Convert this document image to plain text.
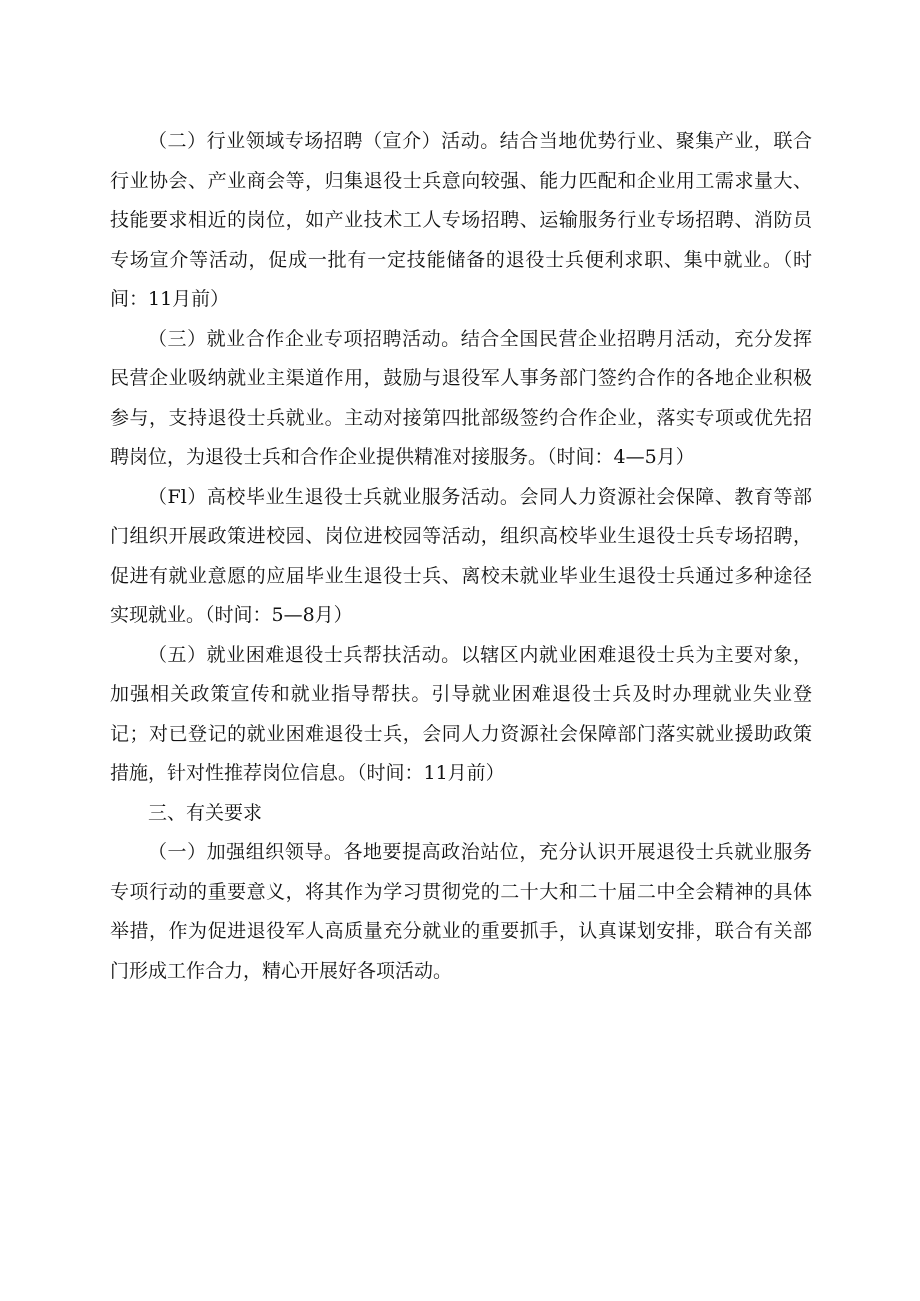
（二）行业领域专场招聘（宣介）活动。结合当地优势行业、聚集产业，联合行业协会、产业商会等，归集退役士兵意向较强、能力匹配和企业用工需求量大、技能要求相近的岗位，如产业技术工人专场招聘、运输服务行业专场招聘、消防员专场宣介等活动，促成一批有一定技能储备的退役士兵便利求职、集中就业。（时间：11月前）

（三）就业合作企业专项招聘活动。结合全国民营企业招聘月活动，充分发挥民营企业吸纳就业主渠道作用，鼓励与退役军人事务部门签约合作的各地企业积极参与，支持退役士兵就业。主动对接第四批部级签约合作企业，落实专项或优先招聘岗位，为退役士兵和合作企业提供精准对接服务。（时间：4—5月）

（Fl）高校毕业生退役士兵就业服务活动。会同人力资源社会保障、教育等部门组织开展政策进校园、岗位进校园等活动，组织高校毕业生退役士兵专场招聘，促进有就业意愿的应届毕业生退役士兵、离校未就业毕业生退役士兵通过多种途径实现就业。（时间：5—8月）

（五）就业困难退役士兵帮扶活动。以辖区内就业困难退役士兵为主要对象，加强相关政策宣传和就业指导帮扶。引导就业困难退役士兵及时办理就业失业登记；对已登记的就业困难退役士兵，会同人力资源社会保障部门落实就业援助政策措施，针对性推荐岗位信息。（时间：11月前）

三、有关要求

（一）加强组织领导。各地要提高政治站位，充分认识开展退役士兵就业服务专项行动的重要意义，将其作为学习贯彻党的二十大和二十届二中全会精神的具体举措，作为促进退役军人高质量充分就业的重要抓手，认真谋划安排，联合有关部门形成工作合力，精心开展好各项活动。
